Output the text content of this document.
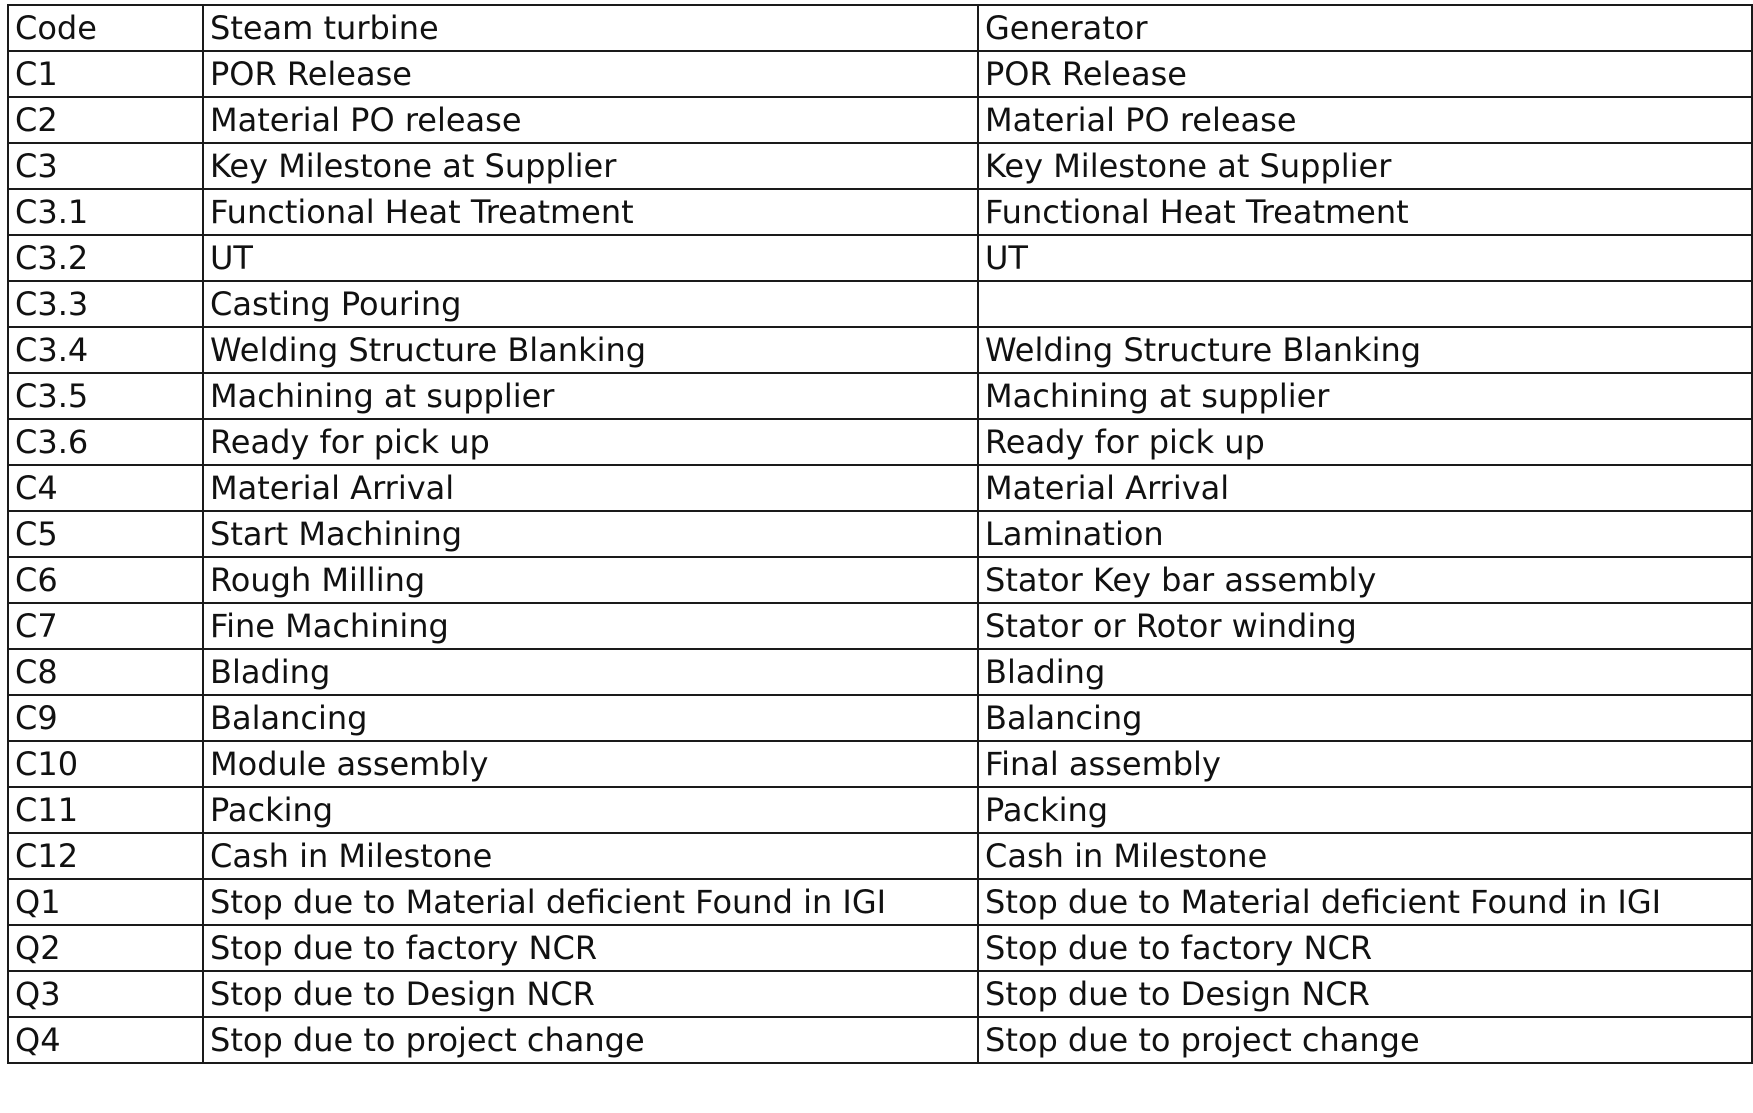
Code	Steam turbine	Generator
C1	POR Release	POR Release
C2	Material PO release	Material PO release
C3	Key Milestone at Supplier	Key Milestone at Supplier
C3.1	Functional Heat Treatment	Functional Heat Treatment
C3.2	UT	UT
C3.3	Casting Pouring	
C3.4	Welding Structure Blanking	Welding Structure Blanking
C3.5	Machining at supplier	Machining at supplier
C3.6	Ready for pick up	Ready for pick up
C4	Material Arrival	Material Arrival
C5	Start Machining	Lamination
C6	Rough Milling	Stator Key bar assembly
C7	Fine Machining	Stator or Rotor winding
C8	Blading	Blading
C9	Balancing	Balancing
C10	Module assembly	Final assembly
C11	Packing	Packing
C12	Cash in Milestone	Cash in Milestone
Q1	Stop due to Material deficient Found in IGI	Stop due to Material deficient Found in IGI
Q2	Stop due to factory NCR	Stop due to factory NCR
Q3	Stop due to Design NCR	Stop due to Design NCR
Q4	Stop due to project change	Stop due to project change
